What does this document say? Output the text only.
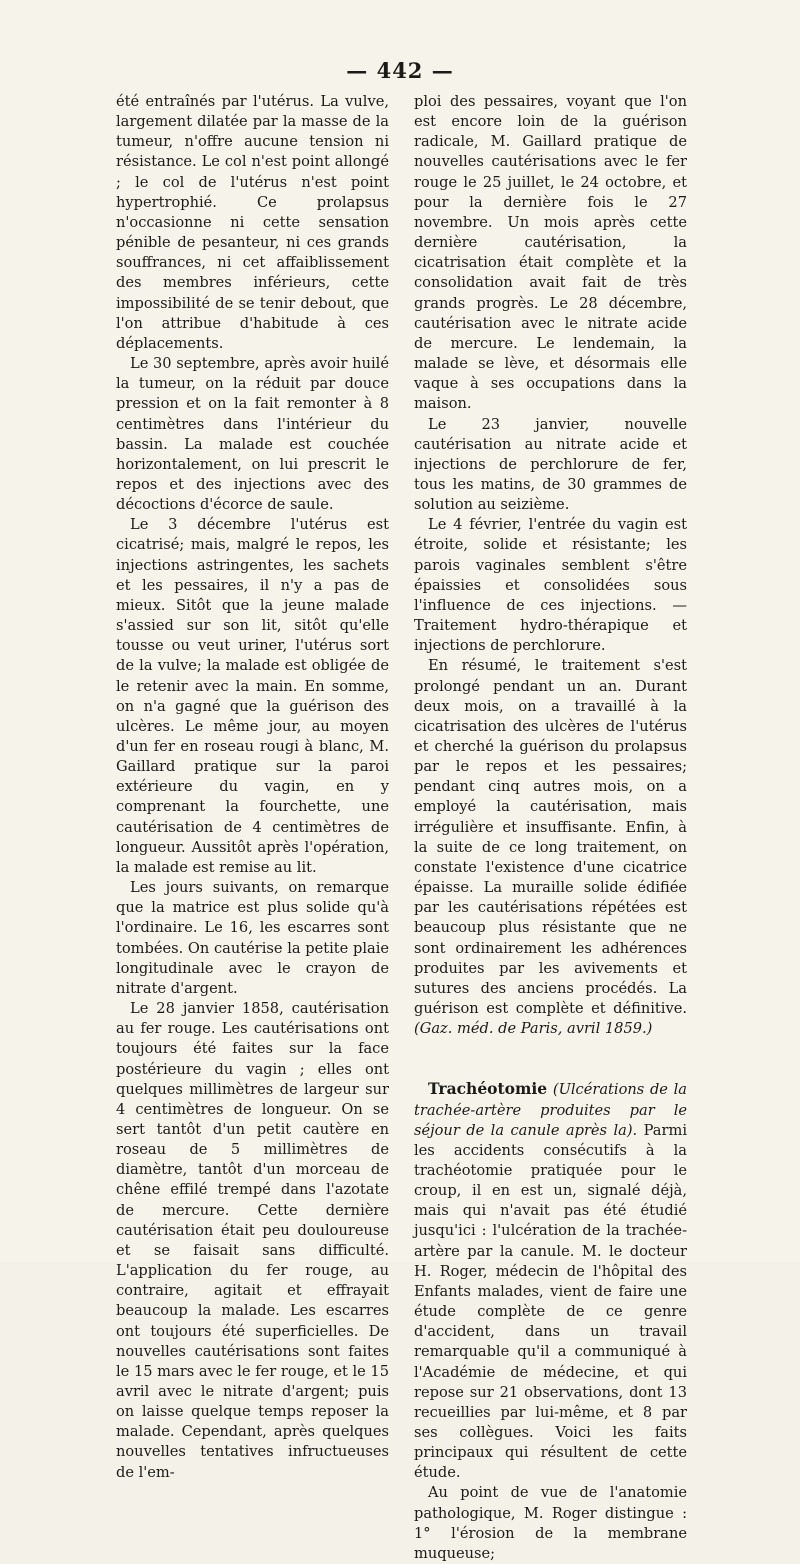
— 442 —

été entraînés par l'utérus. La vulve, largement dilatée par la masse de la tumeur, n'offre aucune tension ni résistance. Le col n'est point allongé ; le col de l'utérus n'est point hypertrophié. Ce prolapsus n'occasionne ni cette sensation pénible de pesanteur, ni ces grands souffrances, ni cet affaiblissement des membres inférieurs, cette impossibilité de se tenir debout, que l'on attribue d'habitude à ces déplacements.

Le 30 septembre, après avoir huilé la tumeur, on la réduit par douce pression et on la fait remonter à 8 centimètres dans l'intérieur du bassin. La malade est couchée horizontalement, on lui prescrit le repos et des injections avec des décoctions d'écorce de saule.

Le 3 décembre l'utérus est cicatrisé; mais, malgré le repos, les injections astringentes, les sachets et les pessaires, il n'y a pas de mieux. Sitôt que la jeune malade s'assied sur son lit, sitôt qu'elle tousse ou veut uriner, l'utérus sort de la vulve; la malade est obligée de le retenir avec la main. En somme, on n'a gagné que la guérison des ulcères. Le même jour, au moyen d'un fer en roseau rougi à blanc, M. Gaillard pratique sur la paroi extérieure du vagin, en y comprenant la fourchette, une cautérisation de 4 centimètres de longueur. Aussitôt après l'opération, la malade est remise au lit.

Les jours suivants, on remarque que la matrice est plus solide qu'à l'ordinaire. Le 16, les escarres sont tombées. On cautérise la petite plaie longitudinale avec le crayon de nitrate d'argent.

Le 28 janvier 1858, cautérisation au fer rouge. Les cautérisations ont toujours été faites sur la face postérieure du vagin ; elles ont quelques millimètres de largeur sur 4 centimètres de longueur. On se sert tantôt d'un petit cautère en roseau de 5 millimètres de diamètre, tantôt d'un morceau de chêne effilé trempé dans l'azotate de mercure. Cette dernière cautérisation était peu douloureuse et se faisait sans difficulté. L'application du fer rouge, au contraire, agitait et effrayait beaucoup la malade. Les escarres ont toujours été superficielles. De nouvelles cautérisations sont faites le 15 mars avec le fer rouge, et le 15 avril avec le nitrate d'argent; puis on laisse quelque temps reposer la malade. Cependant, après quelques nouvelles tentatives infructueuses de l'em-

ploi des pessaires, voyant que l'on est encore loin de la guérison radicale, M. Gaillard pratique de nouvelles cautérisations avec le fer rouge le 25 juillet, le 24 octobre, et pour la dernière fois le 27 novembre. Un mois après cette dernière cautérisation, la cicatrisation était complète et la consolidation avait fait de très grands progrès. Le 28 décembre, cautérisation avec le nitrate acide de mercure. Le lendemain, la malade se lève, et désormais elle vaque à ses occupations dans la maison.

Le 23 janvier, nouvelle cautérisation au nitrate acide et injections de perchlorure de fer, tous les matins, de 30 grammes de solution au seizième.

Le 4 février, l'entrée du vagin est étroite, solide et résistante; les parois vaginales semblent s'être épaissies et consolidées sous l'influence de ces injections. — Traitement hydro-thérapique et injections de perchlorure.

En résumé, le traitement s'est prolongé pendant un an. Durant deux mois, on a travaillé à la cicatrisation des ulcères de l'utérus et cherché la guérison du prolapsus par le repos et les pessaires; pendant cinq autres mois, on a employé la cautérisation, mais irrégulière et insuffisante. Enfin, à la suite de ce long traitement, on constate l'existence d'une cicatrice épaisse. La muraille solide édifiée par les cautérisations répétées est beaucoup plus résistante que ne sont ordinairement les adhérences produites par les avivements et sutures des anciens procédés. La guérison est complète et définitive. (Gaz. méd. de Paris, avril 1859.)

Trachéotomie (Ulcérations de la trachée-artère produites par le séjour de la canule après la). Parmi les accidents consécutifs à la trachéotomie pratiquée pour le croup, il en est un, signalé déjà, mais qui n'avait pas été étudié jusqu'ici : l'ulcération de la trachée-artère par la canule. M. le docteur H. Roger, médecin de l'hôpital des Enfants malades, vient de faire une étude complète de ce genre d'accident, dans un travail remarquable qu'il a communiqué à l'Académie de médecine, et qui repose sur 21 observations, dont 13 recueillies par lui-même, et 8 par ses collègues. Voici les faits principaux qui résultent de cette étude.

Au point de vue de l'anatomie pathologique, M. Roger distingue : 1° l'érosion de la membrane muqueuse;
